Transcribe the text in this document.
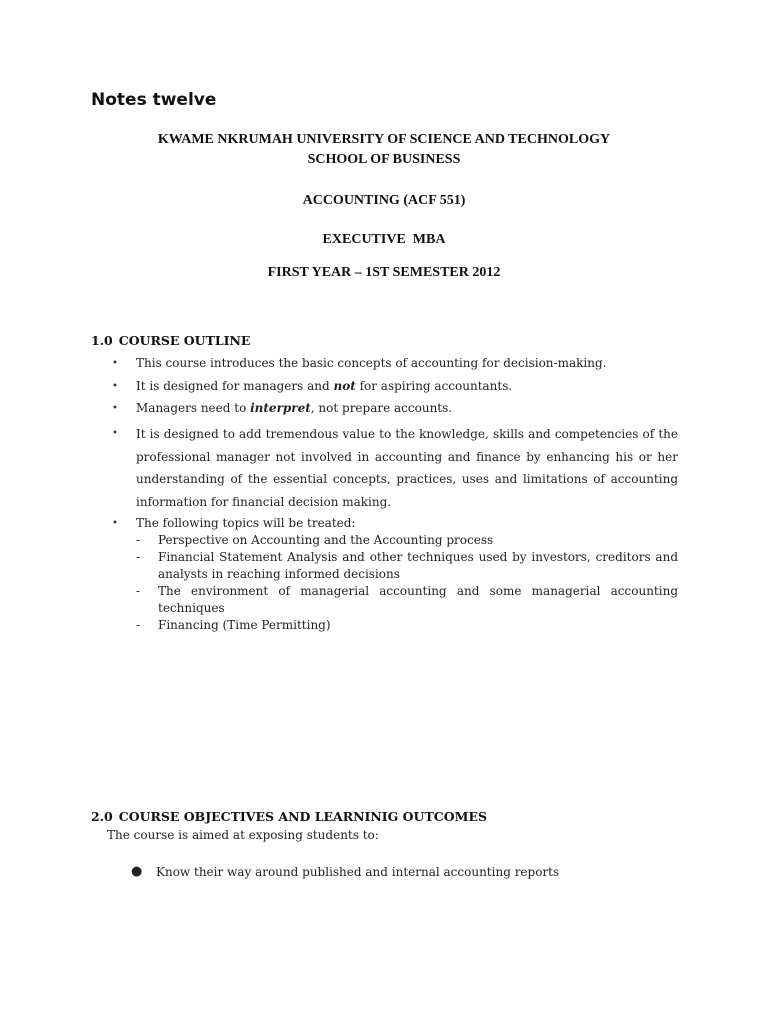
Notes twelve
KWAME NKRUMAH UNIVERSITY OF SCIENCE AND TECHNOLOGY
SCHOOL OF BUSINESS
ACCOUNTING (ACF 551)
EXECUTIVE  MBA
FIRST YEAR – 1ST SEMESTER 2012
1.0 COURSE OUTLINE
• This course introduces the basic concepts of accounting for decision-making.
• It is designed for managers and not for aspiring accountants.
• Managers need to interpret, not prepare accounts.
• It is designed to add tremendous value to the knowledge, skills and competencies of the professional manager not involved in accounting and finance by enhancing his or her understanding of the essential concepts, practices, uses and limitations of accounting information for financial decision making.
• The following topics will be treated:
- Perspective on Accounting and the Accounting process
- Financial Statement Analysis and other techniques used by investors, creditors and analysts in reaching informed decisions
- The environment of managerial accounting and some managerial accounting techniques
- Financing (Time Permitting)
2.0 COURSE OBJECTIVES AND LEARNINIG OUTCOMES
The course is aimed at exposing students to:
● Know their way around published and internal accounting reports
